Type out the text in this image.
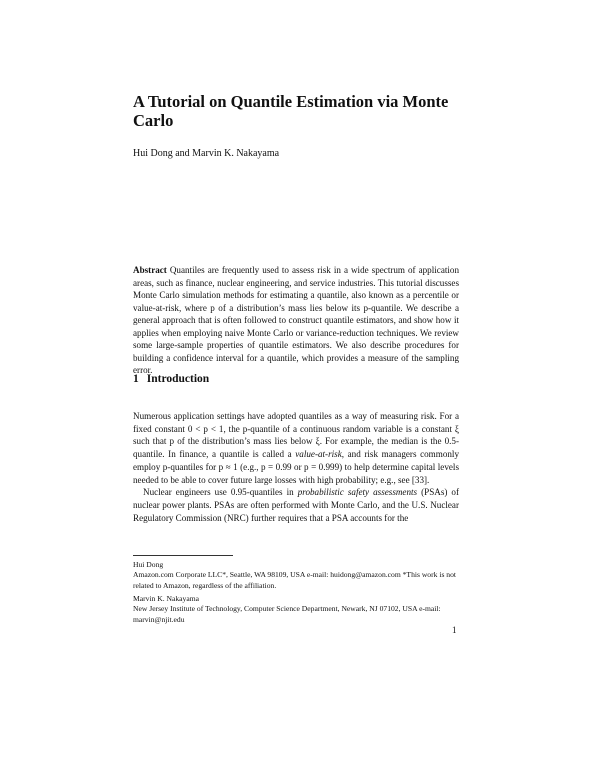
A Tutorial on Quantile Estimation via Monte Carlo
Hui Dong and Marvin K. Nakayama
Abstract Quantiles are frequently used to assess risk in a wide spectrum of application areas, such as finance, nuclear engineering, and service industries. This tutorial discusses Monte Carlo simulation methods for estimating a quantile, also known as a percentile or value-at-risk, where p of a distribution’s mass lies below its p-quantile. We describe a general approach that is often followed to construct quantile estimators, and show how it applies when employing naive Monte Carlo or variance-reduction techniques. We review some large-sample properties of quantile estimators. We also describe procedures for building a confidence interval for a quantile, which provides a measure of the sampling error.
1 Introduction

Numerous application settings have adopted quantiles as a way of measuring risk. For a fixed constant 0 < p < 1, the p-quantile of a continuous random variable is a constant ξ such that p of the distribution’s mass lies below ξ. For example, the median is the 0.5-quantile. In finance, a quantile is called a value-at-risk, and risk managers commonly employ p-quantiles for p ≈ 1 (e.g., p = 0.99 or p = 0.999) to help determine capital levels needed to be able to cover future large losses with high probability; e.g., see [33].

Nuclear engineers use 0.95-quantiles in probabilistic safety assessments (PSAs) of nuclear power plants. PSAs are often performed with Monte Carlo, and the U.S. Nuclear Regulatory Commission (NRC) further requires that a PSA accounts for the

Hui Dong

Amazon.com Corporate LLC*, Seattle, WA 98109, USA e-mail: huidong@amazon.com *This work is not related to Amazon, regardless of the affiliation.

Marvin K. Nakayama

New Jersey Institute of Technology, Computer Science Department, Newark, NJ 07102, USA e-mail: marvin@njit.edu

1
